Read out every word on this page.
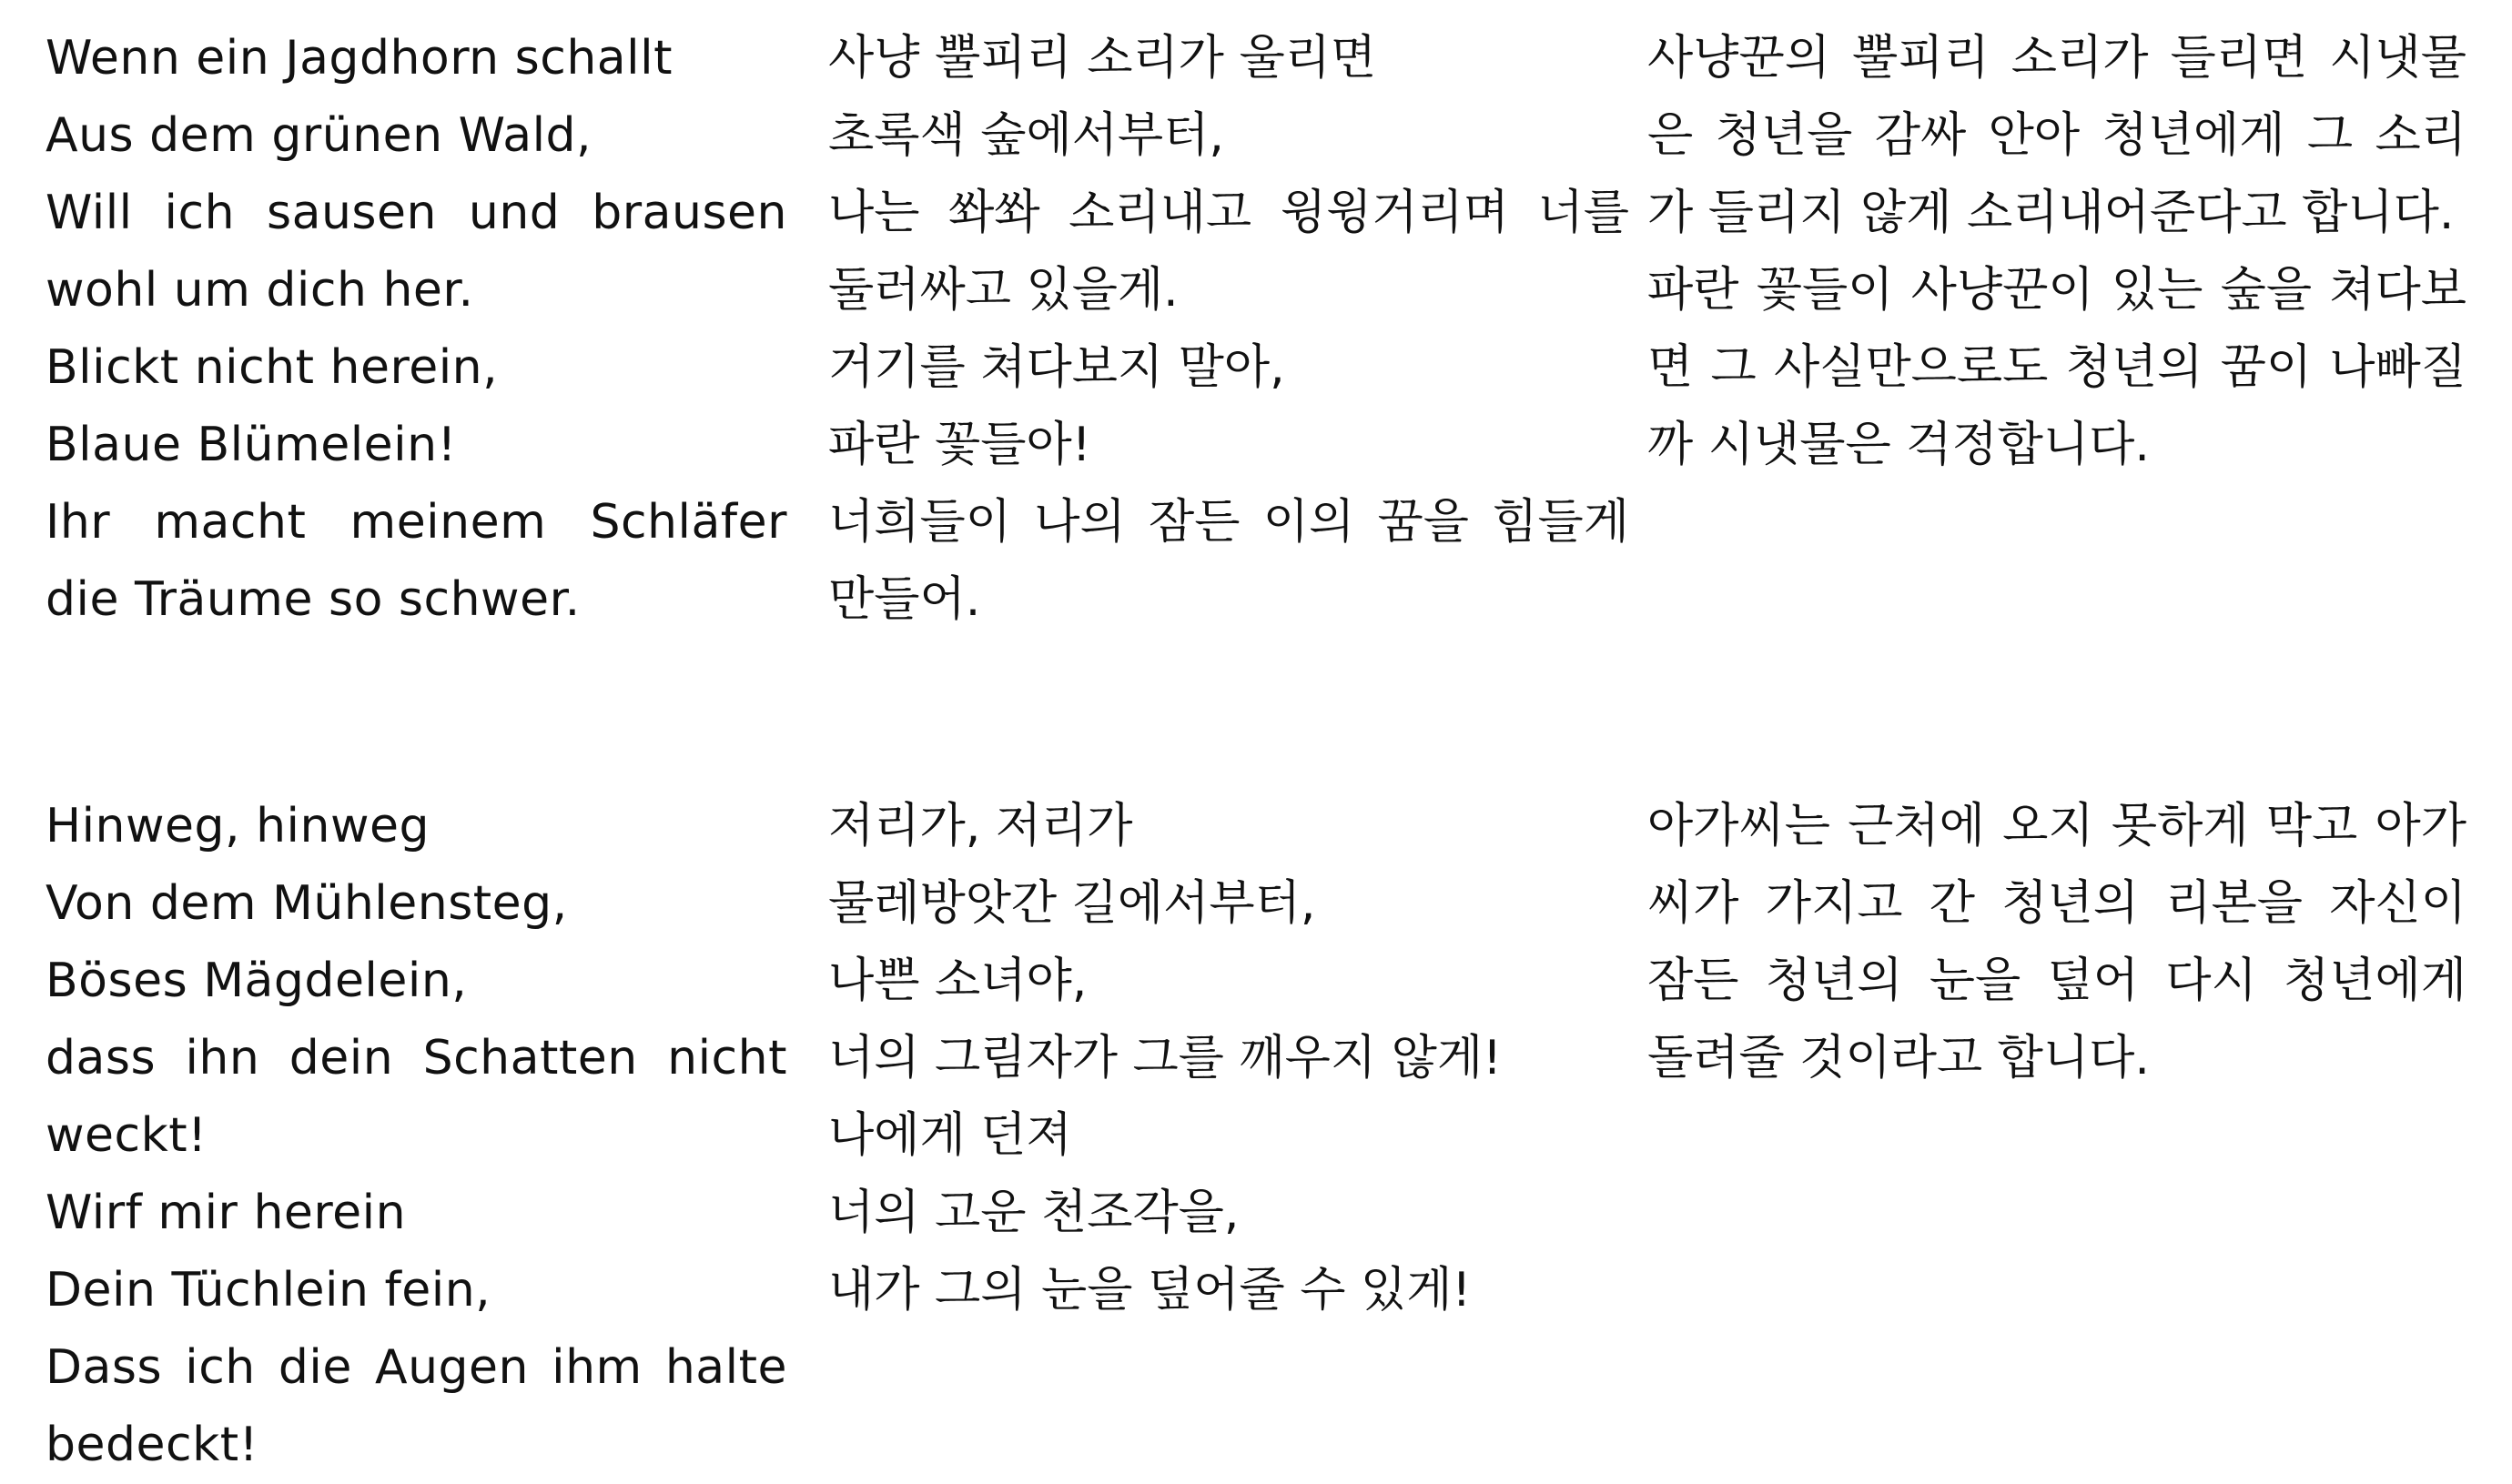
Wenn ein Jagdhorn schallt
Aus dem grünen Wald,
Will ich sausen und brausen wohl um dich her.
Blickt nicht herein,
Blaue Blümelein!
Ihr macht meinem Schläfer die Träume so schwer.
사냥 뿔피리 소리가 울리면
초록색 숲에서부터,
나는 쏴쏴 소리내고 윙윙거리며 너를 둘러싸고 있을게.
거기를 쳐다보지 말아,
파란 꽃들아!
너희들이 나의 잠든 이의 꿈을 힘들게 만들어.

사냥꾼의 뿔피리 소리가 들리면 시냇물은 청년을 감싸 안아 청년에게 그 소리가 들리지 않게 소리내어준다고 합니다.

파란 꽃들이 사냥꾼이 있는 숲을 쳐다보면 그 사실만으로도 청년의 꿈이 나빠질까 시냇물은 걱정합니다.

Hinweg, hinweg
Von dem Mühlensteg,
Böses Mägdelein,
dass ihn dein Schatten nicht weckt!
Wirf mir herein
Dein Tüchlein fein,
Dass ich die Augen ihm halte bedeckt!
저리가, 저리가
물레방앗간 길에서부터,
나쁜 소녀야,
너의 그림자가 그를 깨우지 않게!
나에게 던져
너의 고운 천조각을,
내가 그의 눈을 덮어줄 수 있게!

아가씨는 근처에 오지 못하게 막고 아가씨가 가지고 간 청년의 리본을 자신이 잠든 청년의 눈을 덮어 다시 청년에게 돌려줄 것이라고 합니다.
